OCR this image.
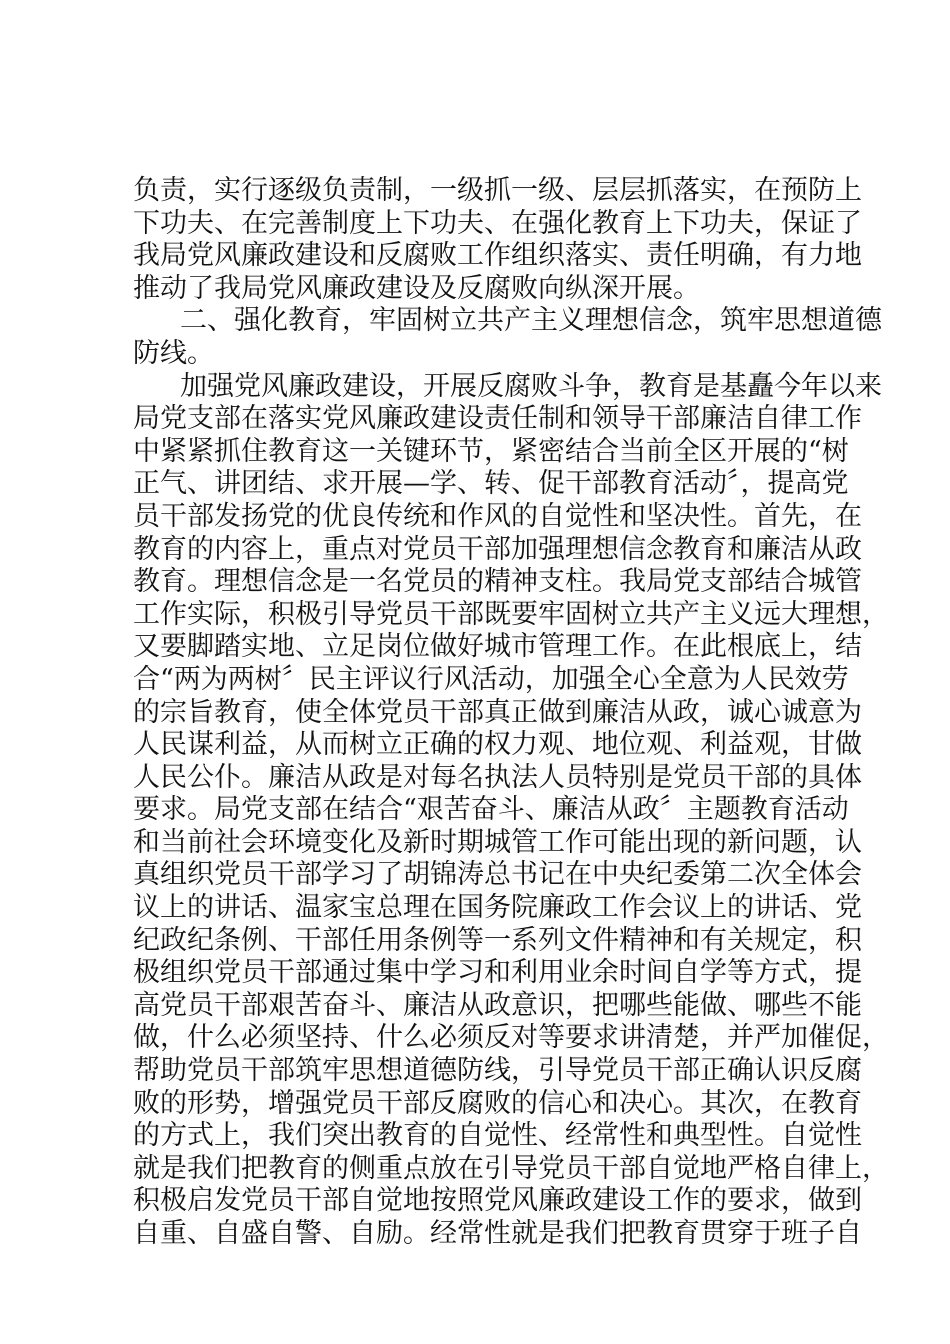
负责，实行逐级负责制，一级抓一级、层层抓落实，在预防上
下功夫、在完善制度上下功夫、在强化教育上下功夫，保证了
我局党风廉政建设和反腐败工作组织落实、责任明确，有力地
推动了我局党风廉政建设及反腐败向纵深开展。
二、强化教育，牢固树立共产主义理想信念，筑牢思想道德
防线。
加强党风廉政建设，开展反腐败斗争，教育是基矗今年以来
局党支部在落实党风廉政建设责任制和领导干部廉洁自律工作
中紧紧抓住教育这一关键环节，紧密结合当前全区开展的“树
正气、讲团结、求开展—学、转、促干部教育活动〞，提高党
员干部发扬党的优良传统和作风的自觉性和坚决性。首先，在
教育的内容上，重点对党员干部加强理想信念教育和廉洁从政
教育。理想信念是一名党员的精神支柱。我局党支部结合城管
工作实际，积极引导党员干部既要牢固树立共产主义远大理想，
又要脚踏实地、立足岗位做好城市管理工作。在此根底上，结
合“两为两树〞民主评议行风活动，加强全心全意为人民效劳
的宗旨教育，使全体党员干部真正做到廉洁从政，诚心诚意为
人民谋利益，从而树立正确的权力观、地位观、利益观，甘做
人民公仆。廉洁从政是对每名执法人员特别是党员干部的具体
要求。局党支部在结合“艰苦奋斗、廉洁从政〞主题教育活动
和当前社会环境变化及新时期城管工作可能出现的新问题，认
真组织党员干部学习了胡锦涛总书记在中央纪委第二次全体会
议上的讲话、温家宝总理在国务院廉政工作会议上的讲话、党
纪政纪条例、干部任用条例等一系列文件精神和有关规定，积
极组织党员干部通过集中学习和利用业余时间自学等方式，提
高党员干部艰苦奋斗、廉洁从政意识，把哪些能做、哪些不能
做，什么必须坚持、什么必须反对等要求讲清楚，并严加催促，
帮助党员干部筑牢思想道德防线，引导党员干部正确认识反腐
败的形势，增强党员干部反腐败的信心和决心。其次，在教育
的方式上，我们突出教育的自觉性、经常性和典型性。自觉性
就是我们把教育的侧重点放在引导党员干部自觉地严格自律上，
积极启发党员干部自觉地按照党风廉政建设工作的要求，做到
自重、自盛自警、自励。经常性就是我们把教育贯穿于班子自
